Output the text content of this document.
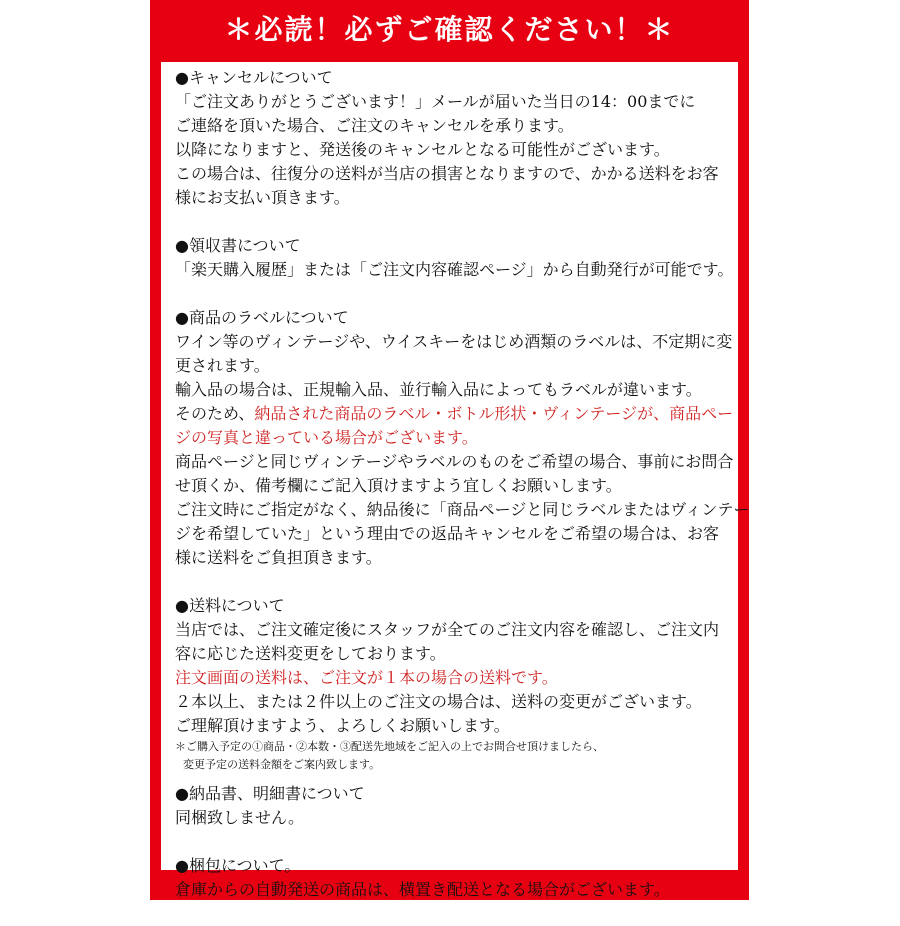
＊必読！必ずご確認ください！＊
●キャンセルについて
「ご注文ありがとうございます！」メールが届いた当日の14：00までに
ご連絡を頂いた場合、ご注文のキャンセルを承ります。
以降になりますと、発送後のキャンセルとなる可能性がございます。
この場合は、往復分の送料が当店の損害となりますので、かかる送料をお客
様にお支払い頂きます。
●領収書について
「楽天購入履歴」または「ご注文内容確認ページ」から自動発行が可能です。
●商品のラベルについて
ワイン等のヴィンテージや、ウイスキーをはじめ酒類のラベルは、不定期に変
更されます。
輸入品の場合は、正規輸入品、並行輸入品によってもラベルが違います。
そのため、納品された商品のラベル・ボトル形状・ヴィンテージが、商品ペー
ジの写真と違っている場合がございます。
商品ページと同じヴィンテージやラベルのものをご希望の場合、事前にお問合
せ頂くか、備考欄にご記入頂けますよう宜しくお願いします。
ご注文時にご指定がなく、納品後に「商品ページと同じラベルまたはヴィンテー
ジを希望していた」という理由での返品キャンセルをご希望の場合は、お客
様に送料をご負担頂きます。
●送料について
当店では、ご注文確定後にスタッフが全てのご注文内容を確認し、ご注文内
容に応じた送料変更をしております。
注文画面の送料は、ご注文が１本の場合の送料です。
２本以上、または２件以上のご注文の場合は、送料の変更がございます。
ご理解頂けますよう、よろしくお願いします。
＊ご購入予定の①商品・②本数・③配送先地域をご記入の上でお問合せ頂けましたら、
変更予定の送料金額をご案内致します。
●納品書、明細書について
同梱致しません。
●梱包について。
倉庫からの自動発送の商品は、横置き配送となる場合がございます。
